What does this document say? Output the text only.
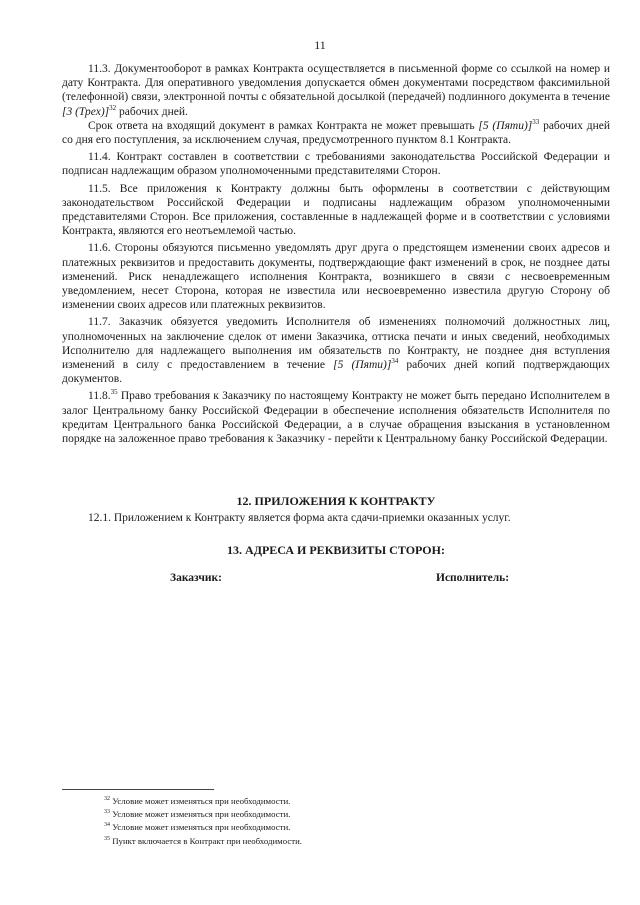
11

11.3. Документооборот в рамках Контракта осуществляется в письменной форме со ссылкой на номер и дату Контракта. Для оперативного уведомления допускается обмен документами посредством факсимильной (телефонной) связи, электронной почты с обязательной досылкой (передачей) подлинного документа в течение [3 (Трех)]$^{32}$ рабочих дней.

Срок ответа на входящий документ в рамках Контракта не может превышать [5 (Пяти)]$^{33}$ рабочих дней со дня его поступления, за исключением случая, предусмотренного пунктом 8.1 Контракта.

11.4. Контракт составлен в соответствии с требованиями законодательства Российской Федерации и подписан надлежащим образом уполномоченными представителями Сторон.

11.5. Все приложения к Контракту должны быть оформлены в соответствии с действующим законодательством Российской Федерации и подписаны надлежащим образом уполномоченными представителями Сторон. Все приложения, составленные в надлежащей форме и в соответствии с условиями Контракта, являются его неотъемлемой частью.

11.6. Стороны обязуются письменно уведомлять друг друга о предстоящем изменении своих адресов и платежных реквизитов и предоставить документы, подтверждающие факт изменений в срок, не позднее даты изменений. Риск ненадлежащего исполнения Контракта, возникшего в связи с несвоевременным уведомлением, несет Сторона, которая не известила или несвоевременно известила другую Сторону об изменении своих адресов или платежных реквизитов.

11.7. Заказчик обязуется уведомить Исполнителя об изменениях полномочий должностных лиц, уполномоченных на заключение сделок от имени Заказчика, оттиска печати и иных сведений, необходимых Исполнителю для надлежащего выполнения им обязательств по Контракту, не позднее дня вступления изменений в силу с предоставлением в течение [5 (Пяти)]$^{34}$ рабочих дней копий подтверждающих документов.

11.8.35 Право требования к Заказчику по настоящему Контракту не может быть передано Исполнителем в залог Центральному банку Российской Федерации в обеспечение исполнения обязательств Исполнителя по кредитам Центрального банка Российской Федерации, а в случае обращения взыскания в установленном порядке на заложенное право требования к Заказчику - перейти к Центральному банку Российской Федерации.

12. ПРИЛОЖЕНИЯ К КОНТРАКТУ

12.1. Приложением к Контракту является форма акта сдачи-приемки оказанных услуг.

13. АДРЕСА И РЕКВИЗИТЫ СТОРОН:
Заказчик:	Исполнитель:
$^{32}$ Условие может изменяться при необходимости.
$^{33}$ Условие может изменяться при необходимости.
$^{34}$ Условие может изменяться при необходимости.
$^{35}$ Пункт включается в Контракт при необходимости.
